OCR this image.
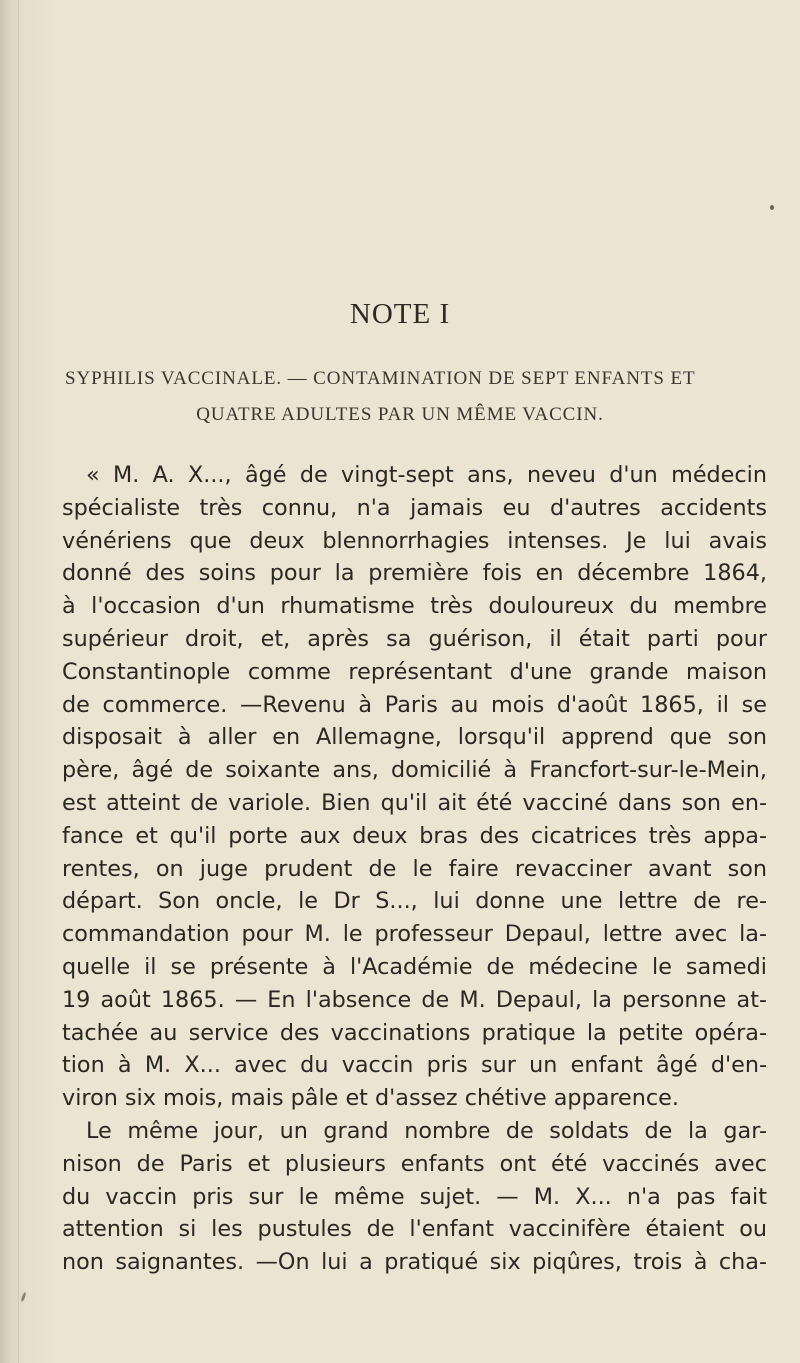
NOTE I
SYPHILIS VACCINALE. — CONTAMINATION DE SEPT ENFANTS ET
QUATRE ADULTES PAR UN MÊME VACCIN.
« M. A. X..., âgé de vingt-sept ans, neveu d'un médecin
spécialiste très connu, n'a jamais eu d'autres accidents
vénériens que deux blennorrhagies intenses. Je lui avais
donné des soins pour la première fois en décembre 1864,
à l'occasion d'un rhumatisme très douloureux du membre
supérieur droit, et, après sa guérison, il était parti pour
Constantinople comme représentant d'une grande maison
de commerce. —Revenu à Paris au mois d'août 1865, il se
disposait à aller en Allemagne, lorsqu'il apprend que son
père, âgé de soixante ans, domicilié à Francfort-sur-le-Mein,
est atteint de variole. Bien qu'il ait été vacciné dans son en-
fance et qu'il porte aux deux bras des cicatrices très appa-
rentes, on juge prudent de le faire revacciner avant son
départ. Son oncle, le Dr S..., lui donne une lettre de re-
commandation pour M. le professeur Depaul, lettre avec la-
quelle il se présente à l'Académie de médecine le samedi
19 août 1865. — En l'absence de M. Depaul, la personne at-
tachée au service des vaccinations pratique la petite opéra-
tion à M. X... avec du vaccin pris sur un enfant âgé d'en-
viron six mois, mais pâle et d'assez chétive apparence.
Le même jour, un grand nombre de soldats de la gar-
nison de Paris et plusieurs enfants ont été vaccinés avec
du vaccin pris sur le même sujet. — M. X... n'a pas fait
attention si les pustules de l'enfant vaccinifère étaient ou
non saignantes. —On lui a pratiqué six piqûres, trois à cha-
